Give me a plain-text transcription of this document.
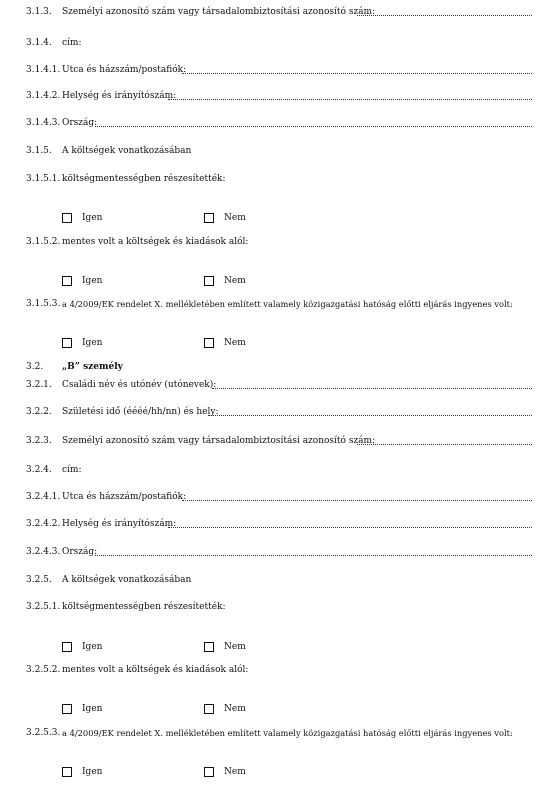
3.1.3. Személyi azonosító szám vagy társadalombiztosítási azonosító szám:
3.1.4. cím:
3.1.4.1. Utca és házszám/postafiók:
3.1.4.2. Helység és irányítószám:
3.1.4.3. Ország:
3.1.5. A költségek vonatkozásában
3.1.5.1. költségmentességben részesítették:
Igen	Nem
3.1.5.2. mentes volt a költségek és kiadások alól:
Igen	Nem
3.1.5.3. a 4/2009/EK rendelet X. mellékletében említett valamely közigazgatási hatóság előtti eljárás ingyenes volt:
Igen	Nem
3.2. „B” személy
3.2.1. Családi név és utónév (utónevek):
3.2.2. Születési idő (éééé/hh/nn) és hely:
3.2.3. Személyi azonosító szám vagy társadalombiztosítási azonosító szám:
3.2.4. cím:
3.2.4.1. Utca és házszám/postafiók:
3.2.4.2. Helység és irányítószám:
3.2.4.3. Ország:
3.2.5. A költségek vonatkozásában
3.2.5.1. költségmentességben részesítették:
Igen	Nem
3.2.5.2. mentes volt a költségek és kiadások alól:
Igen	Nem
3.2.5.3. a 4/2009/EK rendelet X. mellékletében említett valamely közigazgatási hatóság előtti eljárás ingyenes volt:
Igen	Nem
